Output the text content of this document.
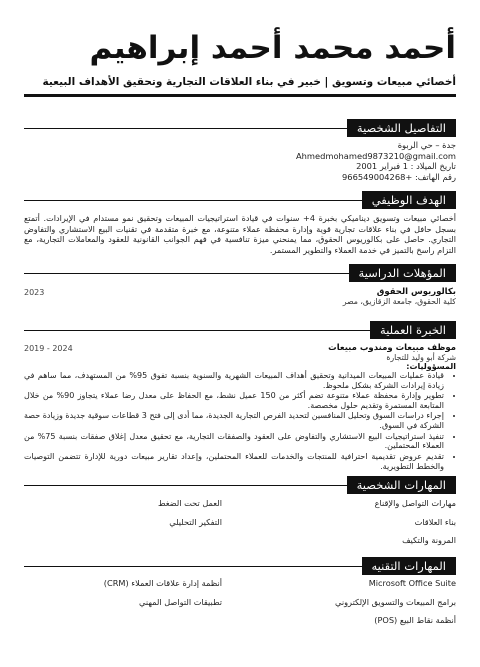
أحمد محمد أحمد إبراهيم

أخصائي مبيعات وتسويق | خبير في بناء العلاقات التجارية وتحقيق الأهداف البيعية

التفاصيل الشخصية
جدة – حي الربوة
Ahmedmohamed9873210@gmail.com
تاريخ الميلاد : 1 فبراير 2001
رقم الهاتف: +966549004268
الهدف الوظيفي

أخصائي مبيعات وتسويق ديناميكي بخبرة 4+ سنوات في قيادة استراتيجيات المبيعات وتحقيق نمو مستدام في الإيرادات. أتمتع بسجل حافل في بناء علاقات تجارية قوية وإدارة محفظة عملاء متنوعة، مع خبرة متقدمة في تقنيات البيع الاستشاري والتفاوض التجاري. حاصل على بكالوريوس الحقوق، مما يمنحني ميزة تنافسية في فهم الجوانب القانونية للعقود والمعاملات التجارية، مع التزام راسخ بالتميز في خدمة العملاء والتطوير المستمر.

المؤهلات الدراسية
بكالوريوس الحقوق
2023
كلية الحقوق، جامعة الزقازيق، مصر
الخبرة العملية
موظف مبيعات ومندوب مبيعات
2019 - 2024
شركة أبو وليد للتجارة
المسؤوليات:
• قيادة عمليات المبيعات الميدانية وتحقيق أهداف المبيعات الشهرية والسنوية بنسبة تفوق 95% من المستهدف، مما ساهم في زيادة إيرادات الشركة بشكل ملحوظ.
• تطوير وإدارة محفظة عملاء متنوعة تضم أكثر من 150 عميل نشط، مع الحفاظ على معدل رضا عملاء يتجاوز 90% من خلال المتابعة المستمرة وتقديم حلول مخصصة.
• إجراء دراسات السوق وتحليل المنافسين لتحديد الفرص التجارية الجديدة، مما أدى إلى فتح 3 قطاعات سوقية جديدة وزيادة حصة الشركة في السوق.
• تنفيذ استراتيجيات البيع الاستشاري والتفاوض على العقود والصفقات التجارية، مع تحقيق معدل إغلاق صفقات بنسبة 75% من العملاء المحتملين.
• تقديم عروض تقديمية احترافية للمنتجات والخدمات للعملاء المحتملين، وإعداد تقارير مبيعات دورية للإدارة تتضمن التوصيات والخطط التطويرية.
المهارات الشخصية
مهارات التواصل والإقناع
بناء العلاقات
المرونة والتكيف
العمل تحت الضغط
التفكير التحليلي
المهارات التقنيه
Microsoft Office Suite
برامج المبيعات والتسويق الإلكتروني
أنظمة نقاط البيع (POS)
أنظمة إدارة علاقات العملاء (CRM)
تطبيقات التواصل المهني
